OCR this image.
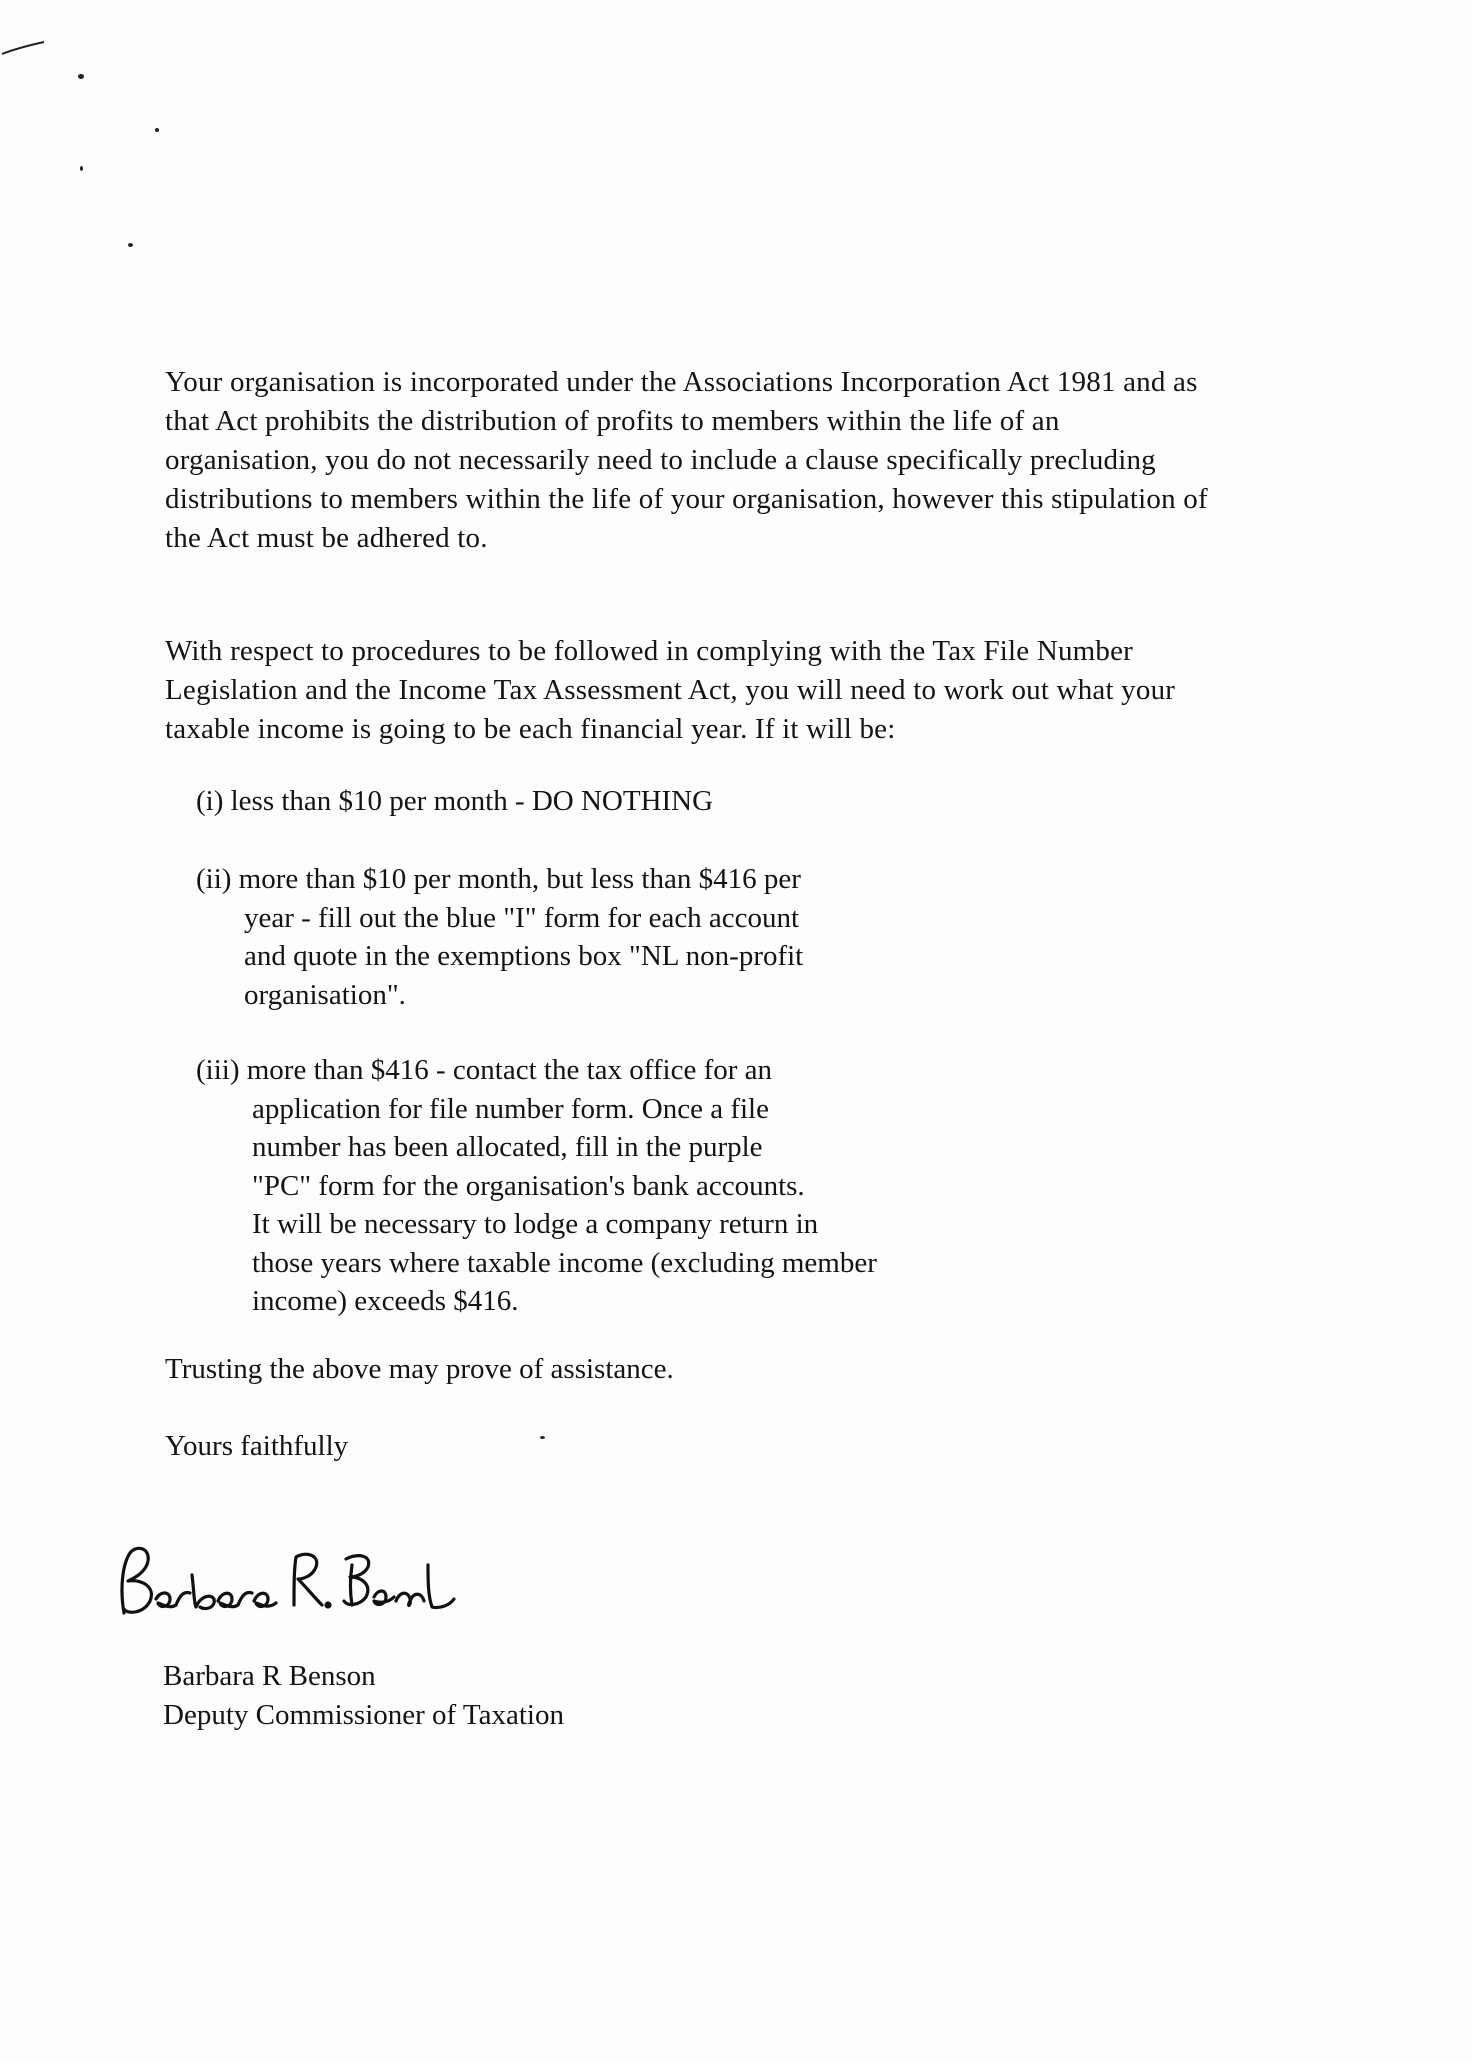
Your organisation is incorporated under the Associations Incorporation Act 1981 and as
that Act prohibits the distribution of profits to members within the life of an
organisation, you do not necessarily need to include a clause specifically precluding
distributions to members within the life of your organisation, however this stipulation of
the Act must be adhered to.
With respect to procedures to be followed in complying with the Tax File Number
Legislation and the Income Tax Assessment Act, you will need to work out what your
taxable income is going to be each financial year. If it will be:
(i) less than $10 per month - DO NOTHING
(ii) more than $10 per month, but less than $416 per
year - fill out the blue "I" form for each account
and quote in the exemptions box "NL non-profit
organisation".
(iii) more than $416 - contact the tax office for an
application for file number form. Once a file
number has been allocated, fill in the purple
"PC" form for the organisation's bank accounts.
It will be necessary to lodge a company return in
those years where taxable income (excluding member
income) exceeds $416.
Trusting the above may prove of assistance.
Yours faithfully
Barbara R Benson
Deputy Commissioner of Taxation
